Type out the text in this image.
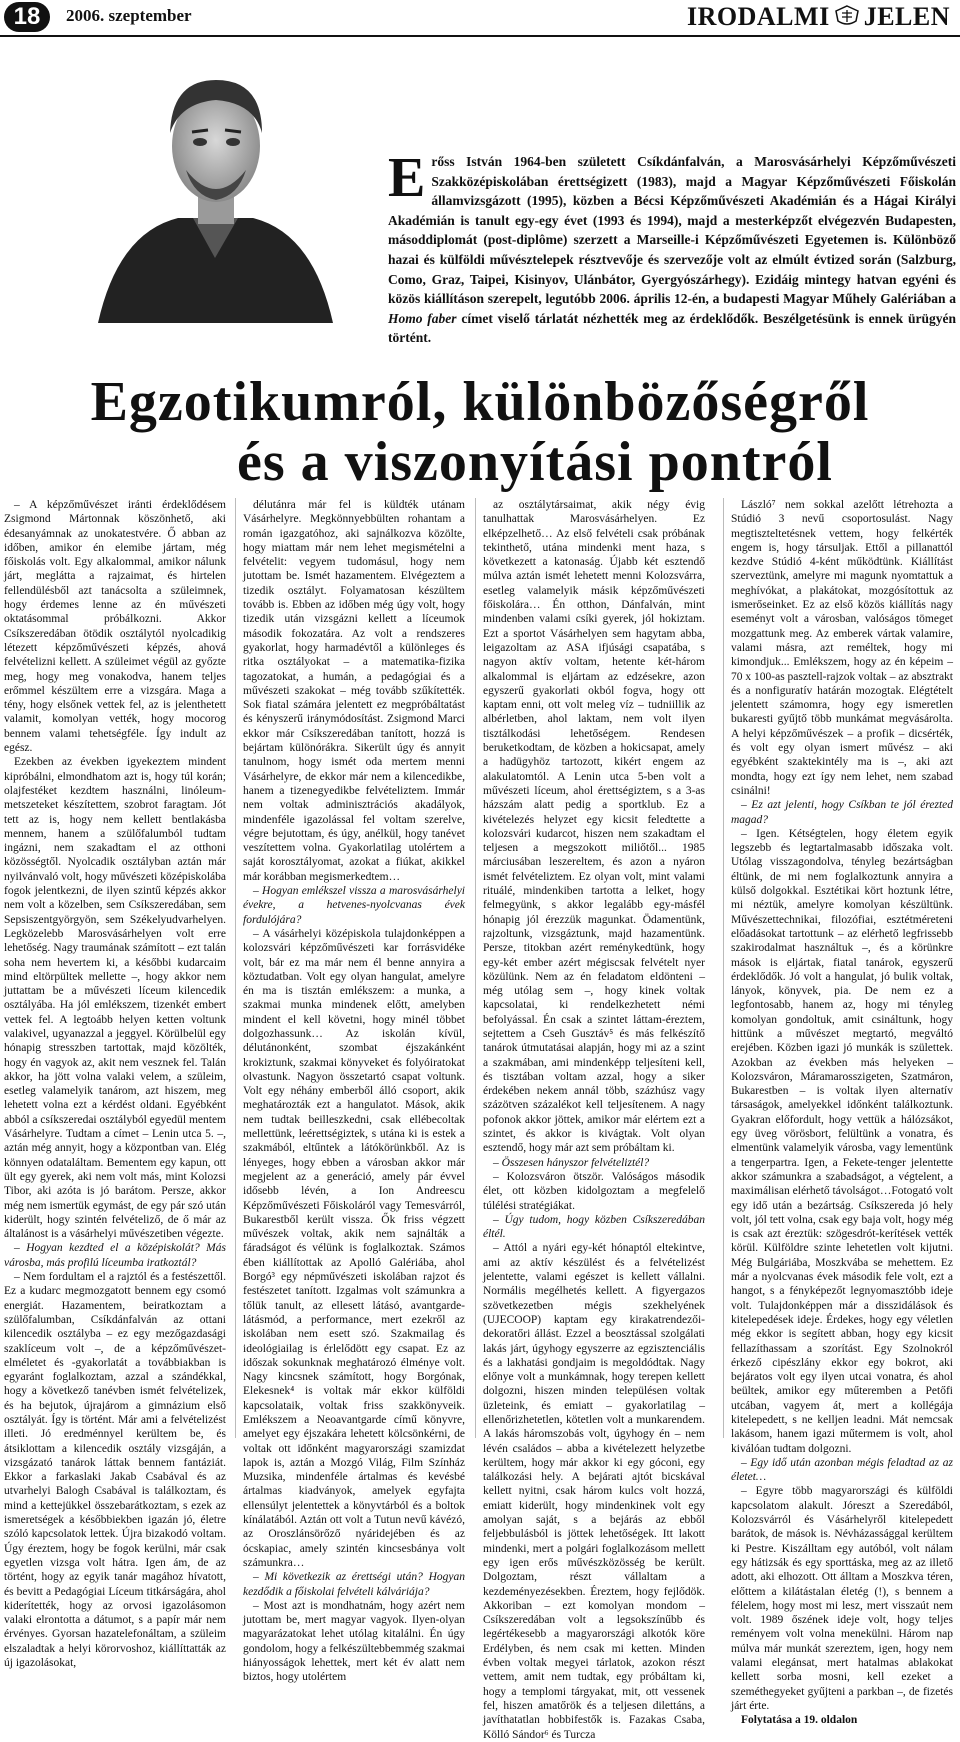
18	2006. szeptember	IRODALMI JELEN
Erőss István 1964-ben született Csíkdánfalván, a Marosvásárhelyi Képzőművészeti Szakközépiskolában érettségizett (1983), majd a Magyar Képzőművészeti Főiskolán államvizsgázott (1995), közben a Bécsi Képzőművészeti Akadémián és a Hágai Királyi Akadémián is tanult egy-egy évet (1993 és 1994), majd a mesterképzőt elvégezvén Budapesten, másoddiplomát (post-diplôme) szerzett a Marseille-i Képzőművészeti Egyetemen is. Különböző hazai és külföldi művésztelepek résztvevője és szervezője volt az elmúlt évtized során (Salzburg, Como, Graz, Taipei, Kisinyov, Ulánbátor, Gyergyószárhegy). Ezidáig mintegy hatvan egyéni és közös kiállításon szerepelt, legutóbb 2006. április 12-én, a budapesti Magyar Műhely Galériában a Homo faber címet viselő tárlatát nézhették meg az érdeklődők. Beszélgetésünk is ennek ürügyén történt.
Egzotikumról, különbözőségről
és a viszonyítási pontról

– A képzőművészet iránti érdeklődésem Zsigmond Mártonnak köszönhető, aki édesanyámnak az unokatestvére. Ő abban az időben, amikor én elemibe jártam, még főiskolás volt. Egy alkalommal, amikor nálunk járt, meglátta a rajzaimat, és hirtelen fellendülésből azt tanácsolta a szüleimnek, hogy érdemes lenne az én művészeti oktatásommal próbálkozni. Akkor Csíkszeredában ötödik osztálytól nyolcadikig létezett képzőművészeti képzés, ahová felvételizni kellett. A szüleimet végül az győzte meg, hogy meg vonakodva, hanem teljes erőmmel készültem erre a vizsgára. Maga a tény, hogy elsőnek vettek fel, az is jelenthetett valamit, komolyan vették, hogy mocorog bennem valami tehetségféle. Így indult az egész.

Ezekben az években igyekeztem mindent kipróbálni, elmondhatom azt is, hogy túl korán; olajfestéket kezdtem használni, linóleum-metszeteket készítettem, szobrot faragtam. Jót tett az is, hogy nem kellett bentlakásba mennem, hanem a szülőfalumból tudtam ingázni, nem szakadtam el az otthoni közösségtől. Nyolcadik osztályban aztán már nyilvánvaló volt, hogy művészeti középiskolába fogok jelentkezni, de ilyen szintű képzés akkor nem volt a közelben, sem Csíkszeredában, sem Sepsiszentgyörgyön, sem Székelyudvarhelyen. Legközelebb Marosvásárhelyen volt erre lehetőség. Nagy traumának számított – ezt talán soha nem hevertem ki, a későbbi kudarcaim mind eltörpültek mellette –, hogy akkor nem juttattam be a művészeti líceum kilencedik osztályába. Ha jól emlékszem, tizenkét embert vettek fel. A legtoább helyen ketten voltunk valakivel, ugyanazzal a jeggyel. Körülbelül egy hónapig stresszben tartottak, majd közölték, hogy én vagyok az, akit nem vesznek fel. Talán akkor, ha jött volna valaki velem, a szüleim, esetleg valamelyik tanárom, azt hiszem, meg lehetett volna ezt a kérdést oldani. Egyébként abból a csíkszeredai osztályból egyedül mentem Vásárhelyre. Tudtam a címet – Lenin utca 5. –, aztán még annyit, hogy a központban van. Elég könnyen odataláltam. Bementem egy kapun, ott ült egy gyerek, aki nem volt más, mint Kolozsi Tibor, aki azóta is jó barátom. Persze, akkor még nem ismertük egymást, de egy pár szó után kiderült, hogy szintén felvételiző, de ő már az általánost is a vásárhelyi művészetiben végezte.

– Hogyan kezdted el a középiskolát? Más városba, más profilú líceumba iratkoztál?

– Nem fordultam el a rajztól és a festészettől. Ez a kudarc megmozgatott bennem egy csomó energiát. Hazamentem, beiratkoztam a szülőfalumban, Csíkdánfalván az ottani kilencedik osztályba – ez egy mezőgazdasági szaklíceum volt –, de a képzőművészet-elméletet és -gyakorlatát a továbbiakban is egyaránt foglalkoztam, azzal a szándékkal, hogy a következő tanévben ismét felvételizek, és ha bejutok, újrajárom a gimnázium első osztályát. Így is történt. Már ami a felvételizést illeti. Jó eredménnyel kerültem be, és átsiklottam a kilencedik osztály vizsgáján, a vizsgázató tanárok láttak bennem fantáziát. Ekkor a farkaslaki Jakab Csabával és az utvarhelyi Balogh Csabával is találkoztam, és mind a kettejükkel összebarátkoztam, s ezek az ismeretségek a későbbiekben igazán jó, életre szóló kapcsolatok lettek. Újra bizakodó voltam. Úgy éreztem, hogy be fogok kerülni, már csak egyetlen vizsga volt hátra. Igen ám, de az történt, hogy az egyik tanár magához hívatott, és bevitt a Pedagógiai Líceum titkárságára, ahol kiderítették, hogy az orvosi igazolásomon valaki elrontotta a dátumot, s a papír már nem érvényes. Gyorsan hazatelefonáltam, a szüleim elszaladtak a helyi körorvoshoz, kiállíttatták az új igazolásokat,

délutánra már fel is küldték utánam Vásárhelyre. Megkönnyebbülten rohantam a román igazgatóhoz, aki sajnálkozva közölte, hogy miattam már nem lehet megismételni a felvételit: vegyem tudomásul, hogy nem jutottam be. Ismét hazamentem. Elvégeztem a tizedik osztályt. Folyamatosan készültem tovább is. Ebben az időben még úgy volt, hogy tizedik után vizsgázni kellett a líceumok második fokozatára. Az volt a rendszeres gyakorlat, hogy harmadévtől a különleges és ritka osztályokat – a matematika-fizika tagozatokat, a humán, a pedagógiai és a művészeti szakokat – még tovább szűkítették. Sok fiatal számára jelentett ez megpróbáltatást és kényszerű iránymódosítást. Zsigmond Marci ekkor már Csíkszeredában tanított, hozzá is bejártam különórákra. Sikerült úgy és annyit tanulnom, hogy ismét oda mertem menni Vásárhelyre, de ekkor már nem a kilencedikbe, hanem a tizenegyedikbe felvételiztem. Immár nem voltak adminisztrációs akadályok, mindenféle igazolással fel voltam szerelve, végre bejutottam, és úgy, anélkül, hogy tanévet veszítettem volna. Gyakorlatilag utolértem a saját korosztályomat, azokat a fiúkat, akikkel már korábban megismerkedtem…

– Hogyan emlékszel vissza a marosvásárhelyi évekre, a hetvenes-nyolcvanas évek fordulójára?

– A vásárhelyi középiskola tulajdonképpen a kolozsvári képzőművészeti kar forrásvidéke volt, bár ez ma már nem él benne annyira a köztudatban. Volt egy olyan hangulat, amelyre én ma is tisztán emlékszem: a munka, a szakmai munka mindenek előtt, amelyben mindent el kell követni, hogy minél többet dolgozhassunk… Az iskolán kívül, délutánonként, szombat éjszakánként krokiztunk, szakmai könyveket és folyóiratokat olvastunk. Nagyon összetartó csapat voltunk. Volt egy néhány emberből álló csoport, akik meghatározták ezt a hangulatot. Mások, akik nem tudtak beilleszkedni, csak ellébecoltak mellettünk, leérettségiztek, s utána ki is estek a szakmából, eltűntek a látókörünkből. Az is lényeges, hogy ebben a városban akkor már megjelent az a generáció, amely pár évvel idősebb lévén, a Ion Andreescu Képzőművészeti Főiskoláról vagy Temesvárról, Bukarestből került vissza. Ők friss végzett művészek voltak, akik nem sajnálták a fáradságot és vélünk is foglalkoztak. Számos ében kiállítottak az Apolló Galériába, ahol Borgó³ egy népművészeti iskolában rajzot és festészetet tanított. Izgalmas volt számunkra a tőlük tanult, az ellesett látásó, avantgarde-látásmód, a performance, mert ezekről az iskolában nem esett szó. Szakmailag és ideológiailag is érlelődött egy csapat. Ez az időszak sokunknak meghatározó élménye volt. Nagy kincsnek számított, hogy Borgónak, Elekesnek⁴ is voltak már ekkor külföldi kapcsolataik, voltak friss szakkönyveik. Emlékszem a Neoavantgarde című könyvre, amelyet egy éjszakára lehetett kölcsönkérni, de voltak ott időnként magyarországi szamizdat lapok is, aztán a Mozgó Világ, Film Színház Muzsika, mindenféle ártalmas és kevésbé ártalmas kiadványok, amelyek egyfajta ellensúlyt jelentettek a könyvtárból és a boltok kínálatából. Aztán ott volt a Tutun nevű kávézó, az Oroszlánsörőző nyáridejében és az ócskapiac, amely szintén kincsesbánya volt számunkra…

– Mi következik az érettségi után? Hogyan kezdődik a főiskolai felvételi kálváriája?

– Most azt is mondhatnám, hogy azért nem jutottam be, mert magyar vagyok. Ilyen-olyan magyarázatokat lehet utólag kitalálni. Én úgy gondolom, hogy a felkészültebbemmég szakmai hiányosságok lehettek, mert két év alatt nem biztos, hogy utolértem

az osztálytársaimat, akik négy évig tanulhattak Marosvásárhelyen. Ez elképzelhető… Az első felvételi csak próbának tekinthető, utána mindenki ment haza, s következett a katonaság. Újabb két esztendő múlva aztán ismét lehetett menni Kolozsvárra, esetleg valamelyik másik képzőművészeti főiskolára… Én otthon, Dánfalván, mint mindenben valami csíki gyerek, jól hokiztam. Ezt a sportot Vásárhelyen sem hagytam abba, leigazoltam az ASA ifjúsági csapatába, s nagyon aktív voltam, hetente két-három alkalommal is eljártam az edzésekre, azon egyszerű gyakorlati okból fogva, hogy ott kaptam enni, ott volt meleg víz – tudniillik az albérletben, ahol laktam, nem volt ilyen tisztálkodási lehetőségem. Rendesen beruketkodtam, de közben a hokicsapat, amely a hadügyhöz tartozott, kikért engem az alakulatomtól. A Lenin utca 5-ben volt a művészeti líceum, ahol érettségiztem, s a 3-as házszám alatt pedig a sportklub. Ez a kivételezés helyzet egy kicsit feledtette a kolozsvári kudarcot, hiszen nem szakadtam el teljesen a megszokott miliőtől... 1985 márciusában leszereltem, és azon a nyáron ismét felvételiztem. Ez olyan volt, mint valami rituálé, mindenkiben tartotta a lelket, hogy felmegyünk, s akkor legalább egy-másfél hónapig jól érezzük magunkat. Ödamentünk, rajzoltunk, vizsgáztunk, majd hazamentünk. Persze, titokban azért reménykedtünk, hogy egy-két ember azért mégiscsak felvételt nyer közülünk. Nem az én feladatom eldönteni – még utólag sem –, hogy kinek voltak kapcsolatai, ki rendelkezhetett némi befolyással. Én csak a szintet láttam-éreztem, sejtettem a Cseh Gusztáv⁵ és más felkészítő tanárok útmutatásai alapján, hogy mi az a szint a szakmában, ami mindenképp teljesíteni kell, és tisztában voltam azzal, hogy a siker érdekében nekem annál több, százhúsz vagy százötven százalékot kell teljesítenem. A nagy pofonok akkor jöttek, amikor már elértem ezt a szintet, és akkor is kivágtak. Volt olyan esztendő, hogy már azt sem próbáltam ki.

– Összesen hányszor felvételiztél?

– Kolozsváron ötször. Valóságos második élet, ott közben kidolgoztam a megfelelő túlélési stratégiákat.

– Úgy tudom, hogy közben Csíkszeredában éltél.

– Attól a nyári egy-két hónaptól eltekintve, ami az aktív készülést és a felvételizést jelentette, valami egészet is kellett vállalni. Normális megélhetés kellett. A figyergazos szövetkezetben mégis szekhelyének (UJECOOP) kaptam egy kirakatrendezői-dekoratőri állást. Ezzel a beosztással szolgálati lakás járt, úgyhogy egyszerre az egzisztenciális és a lakhatási gondjaim is megoldódtak. Nagy előnye volt a munkámnak, hogy terepen kellett dolgozni, hiszen minden településen voltak üzleteink, és emiatt – gyakorlatilag – ellenőrizhetetlen, kötetlen volt a munkarendem. A lakás háromszobás volt, úgyhogy én – nem lévén családos – abba a kivételezett helyzetbe kerültem, hogy már akkor ki egy góconi, egy találkozási hely. A bejárati ajtót bicskával kellett nyitni, csak három kulcs volt hozzá, emiatt kiderült, hogy mindenkinek volt egy amolyan saját, s a bejárás az ebből feljebbulásból is jöttek lehetőségek. Itt lakott mindenki, mert a polgári foglalkozásom mellett egy igen erős művészközösség be került. Dolgoztam, részt vállaltam a kezdeményezésekben. Éreztem, hogy fejlődök. Akkoriban – ezt komolyan mondom – Csíkszeredában volt a legsokszínűbb és legértékesebb a magyarországi alkotók köre Erdélyben, és nem csak mi ketten. Minden évben voltak megyei tárlatok, azokon részt vettem, amit nem tudtak, egy próbáltam ki, hogy a templomi tárgyakat, mit, ott vessenek fel, hiszen amatőrök és a teljesen dilettáns, a javíthatatlan hobbifestők is. Fazakas Csaba, Kölló Sándor⁶ és Turcza

László⁷ nem sokkal azelőtt létrehozta a Stúdió 3 nevű csoportosulást. Nagy megtiszteltetésnek vettem, hogy felkérték engem is, hogy társuljak. Ettől a pillanattól kezdve Stúdió 4-ként működtünk. Kiállítást szerveztünk, amelyre mi magunk nyomtattuk a meghívókat, a plakátokat, mozgósítottuk az ismerőseinket. Ez az első közös kiállítás nagy eseményt volt a városban, valóságos tömeget mozgattunk meg. Az emberek vártak valamire, valami másra, azt reméltek, hogy mi kimondjuk... Emlékszem, hogy az én képeim – 70 x 100-as pasztell-rajzok voltak – az absztrakt és a nonfiguratív határán mozogtak. Elégtételt jelentett számomra, hogy egy ismeretlen bukaresti gyűjtő több munkámat megvásárolta. A helyi képzőművészek – a profik – dicsérték, és volt egy olyan ismert művész – aki egyébként szaktekintély ma is –, aki azt mondta, hogy ezt így nem lehet, nem szabad csinálni!

– Ez azt jelenti, hogy Csíkban te jól érezted magad?

– Igen. Kétségtelen, hogy életem egyik legszebb és legtartalmasabb időszaka volt. Utólag visszagondolva, tényleg bezártságban éltünk, de mi nem foglalkoztunk annyira a külső dolgokkal. Esztétikai kört hoztunk létre, mi néztük, amelyre komolyan készültünk. Művészettechnikai, filozófiai, esztétméreteni előadásokat tartottunk – az elérhető legfrissebb szakirodalmat használtuk –, és a körünkre mások is eljártak, fiatal tanárok, egyszerű érdeklődők. Jó volt a hangulat, jó bulik voltak, lányok, könyvek, pia. De nem ez a legfontosabb, hanem az, hogy mi tényleg komolyan gondoltuk, amit csináltunk, hogy hittünk a művészet megtartó, megváltó erejében. Közben igazi jó munkák is születtek. Azokban az években más helyeken – Kolozsváron, Máramarosszigeten, Szatmáron, Bukarestben – is voltak ilyen alternatív társaságok, amelyekkel időnként találkoztunk. Gyakran előfordult, hogy vettük a hálózsákot, egy üveg vörösbort, felültünk a vonatra, és elmentünk valamelyik városba, vagy lementünk a tengerpartra. Igen, a Fekete-tenger jelentette akkor számunkra a szabadságot, a végtelent, a maximálisan elérhető távolságot…Fotogató volt egy idő után a bezártság. Csíkszereda jó hely volt, jól tett volna, csak egy baja volt, hogy még is csak azt éreztük: szögesdrót-kerítések vették körül. Külföldre szinte lehetetlen volt kijutni. Még Bulgáriába, Moszkvába se mehettem. Ez már a nyolcvanas évek második fele volt, ezt a hangot, s a fényképezőt legnyomasztóbb ideje volt. Tulajdonképpen már a disszidálások és kitelepedések ideje. Érdekes, hogy egy véletlen még ekkor is segített abban, hogy egy kicsit fellazíthassam a szorítást. Egy Szolnokról érkező cipészlány ekkor egy bokrot, aki bejáratos volt egy ilyen utcai vonatra, és ahol beültek, amikor egy műteremben a Petőfi utcában, vagyem át, mert a kollégája kitelepedett, s ne kelljen leadni. Mát nemcsak lakásom, hanem igazi műtermem is volt, ahol kiválóan tudtam dolgozni.

– Egy idő után azonban mégis feladtad az az életet…

– Egyre több magyarországi és külföldi kapcsolatom alakult. Jóreszt a Szeredából, Kolozsvárról és Vásárhelyről kitelepedett barátok, de mások is. Névházassággal kerültem ki Pestre. Kiszálltam egy autóból, volt nálam egy hátizsák és egy sporttáska, meg az az illető adott, aki elhozott. Ott álltam a Moszkva téren, előttem a kilátástalan életég (!), s bennem a félelem, hogy most mi lesz, mert visszaút nem volt. 1989 őszének ideje volt, hogy teljes reményem volt volna menekülni. Három nap múlva már munkát szereztem, igen, hogy nem valami elegánsat, mert hatalmas ablakokat kellett sorba mosni, kell ezeket a szeméthegyeket gyűjteni a parkban –, de fizetés járt érte.

Folytatása a 19. oldalon
